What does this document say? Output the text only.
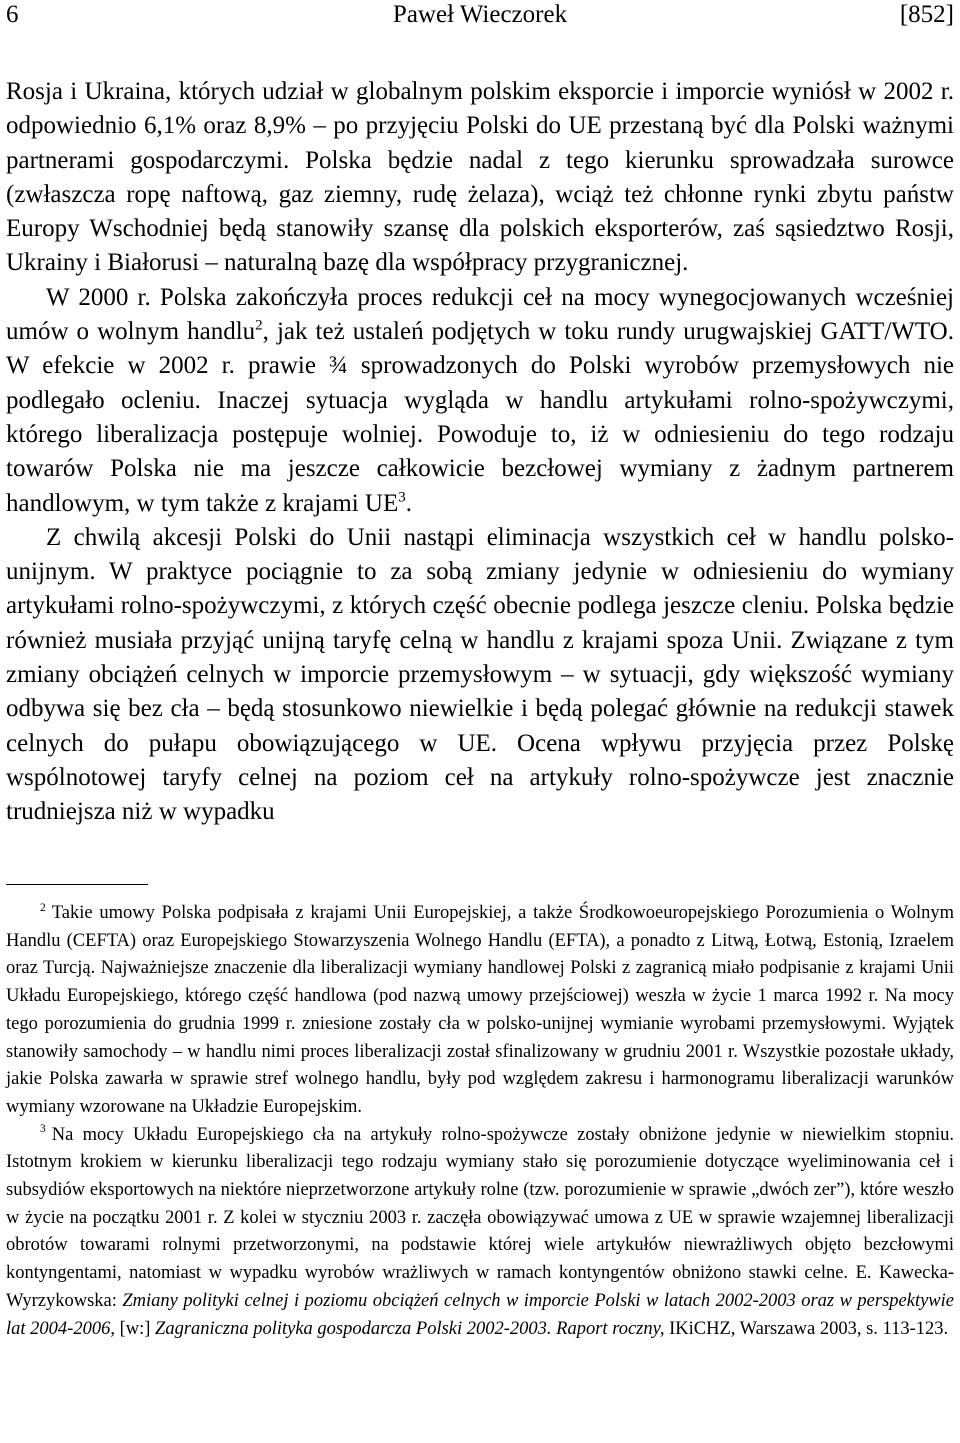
6	Paweł Wieczorek	[852]

Rosja i Ukraina, których udział w globalnym polskim eksporcie i imporcie wyniósł w 2002 r. odpowiednio 6,1% oraz 8,9% – po przyjęciu Polski do UE przestaną być dla Polski ważnymi partnerami gospodarczymi. Polska będzie nadal z tego kierunku sprowadzała surowce (zwłaszcza ropę naftową, gaz ziemny, rudę żelaza), wciąż też chłonne rynki zbytu państw Europy Wschodniej będą stanowiły szansę dla polskich eksporterów, zaś sąsiedztwo Rosji, Ukrainy i Białorusi – naturalną bazę dla współpracy przygranicznej.

W 2000 r. Polska zakończyła proces redukcji ceł na mocy wynegocjowanych wcześniej umów o wolnym handlu$^2$, jak też ustaleń podjętych w toku rundy urugwajskiej GATT/WTO. W efekcie w 2002 r. prawie ¾ sprowadzonych do Polski wyrobów przemysłowych nie podlegało ocleniu. Inaczej sytuacja wygląda w handlu artykułami rolno-spożywczymi, którego liberalizacja postępuje wolniej. Powoduje to, iż w odniesieniu do tego rodzaju towarów Polska nie ma jeszcze całkowicie bezcłowej wymiany z żadnym partnerem handlowym, w tym także z krajami $UE^3$.

Z chwilą akcesji Polski do Unii nastąpi eliminacja wszystkich ceł w handlu polsko-unijnym. W praktyce pociągnie to za sobą zmiany jedynie w odniesieniu do wymiany artykułami rolno-spożywczymi, z których część obecnie podlega jeszcze cleniu. Polska będzie również musiała przyjąć unijną taryfę celną w handlu z krajami spoza Unii. Związane z tym zmiany obciążeń celnych w imporcie przemysłowym – w sytuacji, gdy większość wymiany odbywa się bez cła – będą stosunkowo niewielkie i będą polegać głównie na redukcji stawek celnych do pułapu obowiązującego w UE. Ocena wpływu przyjęcia przez Polskę wspólnotowej taryfy celnej na poziom ceł na artykuły rolno-spożywcze jest znacznie trudniejsza niż w wypadku

$^2$ Takie umowy Polska podpisała z krajami Unii Europejskiej, a także Środkowoeuropejskiego Porozumienia o Wolnym Handlu (CEFTA) oraz Europejskiego Stowarzyszenia Wolnego Handlu (EFTA), a ponadto z Litwą, Łotwą, Estonią, Izraelem oraz Turcją. Najważniejsze znaczenie dla liberalizacji wymiany handlowej Polski z zagranicą miało podpisanie z krajami Unii Układu Europejskiego, którego część handlowa (pod nazwą umowy przejściowej) weszła w życie 1 marca 1992 r. Na mocy tego porozumienia do grudnia 1999 r. zniesione zostały cła w polsko-unijnej wymianie wyrobami przemysłowymi. Wyjątek stanowiły samochody – w handlu nimi proces liberalizacji został sfinalizowany w grudniu 2001 r. Wszystkie pozostałe układy, jakie Polska zawarła w sprawie stref wolnego handlu, były pod względem zakresu i harmonogramu liberalizacji warunków wymiany wzorowane na Układzie Europejskim.

$^3$ Na mocy Układu Europejskiego cła na artykuły rolno-spożywcze zostały obniżone jedynie w niewielkim stopniu. Istotnym krokiem w kierunku liberalizacji tego rodzaju wymiany stało się porozumienie dotyczące wyeliminowania ceł i subsydiów eksportowych na niektóre nieprzetworzone artykuły rolne (tzw. porozumienie w sprawie „dwóch zer”), które weszło w życie na początku 2001 r. Z kolei w styczniu 2003 r. zaczęła obowiązywać umowa z UE w sprawie wzajemnej liberalizacji obrotów towarami rolnymi przetworzonymi, na podstawie której wiele artykułów niewrażliwych objęto bezcłowymi kontyngentami, natomiast w wypadku wyrobów wrażliwych w ramach kontyngentów obniżono stawki celne. E. Kawecka-Wyrzykowska: Zmiany polityki celnej i poziomu obciążeń celnych w imporcie Polski w latach 2002-2003 oraz w perspektywie lat 2004-2006, [w:] Zagraniczna polityka gospodarcza Polski 2002-2003. Raport roczny, IKiCHZ, Warszawa 2003, s. 113-123.
